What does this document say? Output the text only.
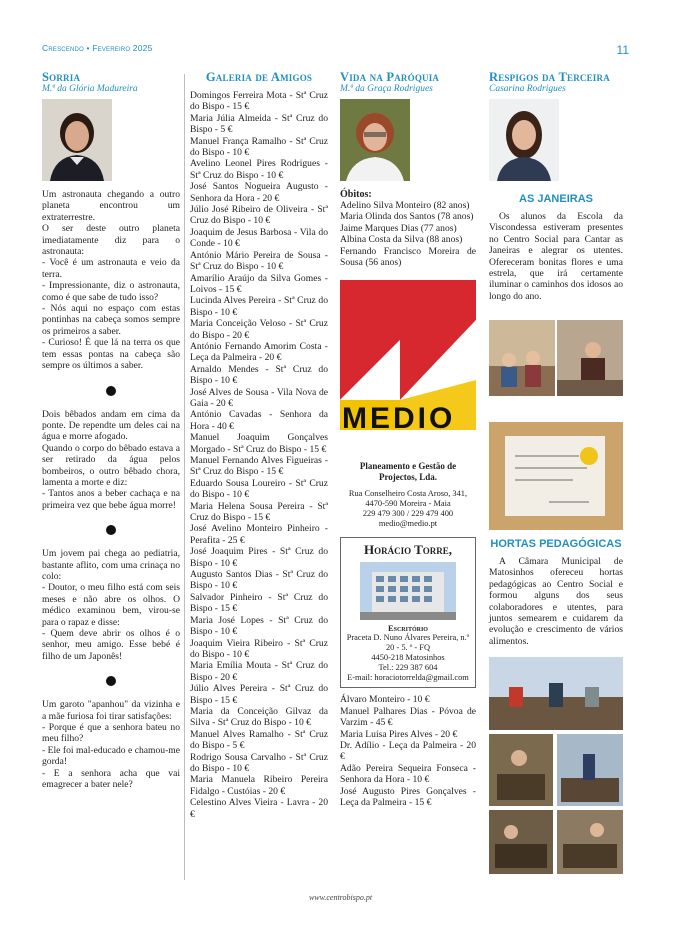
Crescendo • Fevereiro 2025	11
Sorria
M.ª da Glória Madureira
Um astronauta chegando a outro planeta encontrou um extraterrestre.
O ser deste outro planeta imediatamente diz para o astronauta:
- Você é um astronauta e veio da terra.
- Impressionante, diz o astronauta, como é que sabe de tudo isso?
- Nós aqui no espaço com estas pontinhas na cabeça somos sempre os primeiros a saber.
- Curioso! É que lá na terra os que tem essas pontas na cabeça são sempre os últimos a saber.
Dois bêbados andam em cima da ponte. De rependte um deles cai na água e morre afogado.
Quando o corpo do bêbado estava a ser retirado da água pelos bombeiros, o outro bêbado chora, lamenta a morte e diz:
- Tantos anos a beber cachaça e na primeira vez que bebe água morre!
Um jovem pai chega ao pediatria, bastante aflito, com uma crinaça no colo:
- Doutor, o meu filho está com seis meses e não abre os olhos. O médico examinou bem, virou-se para o rapaz e disse:
- Quem deve abrir os olhos é o senhor, meu amigo. Esse bebé é filho de um Japonês!
Um garoto "apanhou" da vizinha e a mãe furiosa foi tirar satisfações:
- Porque é que a senhora bateu no meu filho?
- Ele foi mal-educado e chamou-me gorda!
- E a senhora acha que vai emagrecer a bater nele?
Galeria de Amigos
Domingos Ferreira Mota - Stª Cruz do Bispo - 15 €
Maria Júlia Almeida - Stª Cruz do Bispo - 5 €
Manuel França Ramalho - Stª Cruz do Bispo - 10 €
Avelino Leonel Pires Rodrigues - Stª Cruz do Bispo - 10 €
José Santos Nogueira Augusto - Senhora da Hora - 20 €
Júlio José Ribeiro de Oliveira - Stª Cruz do Bispo - 10 €
Joaquim de Jesus Barbosa - Vila do Conde - 10 €
António Mário Pereira de Sousa - Stª Cruz do Bispo - 10 €
Amarílio Araújo da Silva Gomes - Loivos - 15 €
Lucinda Alves Pereira - Stª Cruz do Bispo - 10 €
Maria Conceição Veloso - Stª Cruz do Bispo - 20 €
António Fernando Amorim Costa - Leça da Palmeira - 20 €
Arnaldo Mendes - Stª Cruz do Bispo - 10 €
José Alves de Sousa - Vila Nova de Gaia - 20 €
António Cavadas - Senhora da Hora - 40 €
Manuel Joaquim Gonçalves Morgado - Stª Cruz do Bispo - 15 €
Manuel Fernando Alves Figueiras - Stª Cruz do Bispo - 15 €
Eduardo Sousa Loureiro - Stª Cruz do Bispo - 10 €
Maria Helena Sousa Pereira - Stª Cruz do Bispo - 15 €
José Avelino Monteiro Pinheiro - Perafita - 25 €
José Joaquim Pires - Stª Cruz do Bispo - 10 €
Augusto Santos Dias - Stª Cruz do Bispo - 10 €
Salvador Pinheiro - Stª Cruz do Bispo - 15 €
Maria José Lopes - Stª Cruz do Bispo - 10 €
Joaquim Vieira Ribeiro - Stª Cruz do Bispo - 10 €
Maria Emília Mouta - Stª Cruz do Bispo - 20 €
Júlio Alves Pereira - Stª Cruz do Bispo - 15 €
Maria da Conceição Gilvaz da Silva - Stª Cruz do Bispo - 10 €
Manuel Alves Ramalho - Stª Cruz do Bispo - 5 €
Rodrigo Sousa Carvalho - Stª Cruz do Bispo - 10 €
Maria Manuela Ribeiro Pereira Fidalgo - Custóias - 20 €
Celestino Alves Vieira - Lavra - 20 €
Vida na Paróquia
M.ª da Graça Rodrigues
Óbitos:
Adelino Silva Monteiro (82 anos)
Maria Olinda dos Santos (78 anos)
Jaime Marques Dias (77 anos)
Albina Costa da Silva (88 anos)
Fernando Francisco Moreira de Sousa (56 anos)
MEDIO
Planeamento e Gestão de Projectos, Lda.
Rua Conselheiro Costa Aroso, 341, 4470-590 Moreira - Maia
229 479 300 / 229 479 400
medio@medio.pt
Horácio Torre,
Escritório
Praceta D. Nuno Álvares Pereira, n.º 20 - 5. º - FQ
4450-218 Matosinhos
Tel.: 229 387 604
E-mail: horaciotorrelda@gmail.com
Álvaro Monteiro - 10 €
Manuel Palhares Dias - Póvoa de Varzim - 45 €
Maria Luísa Pires Alves - 20 €
Dr. Adílio - Leça da Palmeira - 20 €
Adão Pereira Sequeira Fonseca - Senhora da Hora - 10 €
José Augusto Pires Gonçalves - Leça da Palmeira - 15 €
Respigos da Terceira
Casarina Rodrigues
AS JANEIRAS

Os alunos da Escola da Viscondessa estiveram presentes no Centro Social para Cantar as Janeiras e alegrar os utentes. Ofereceram bonitas flores e uma estrela, que irá certamente iluminar o caminhos dos idosos ao longo do ano.

HORTAS PEDAGÓGICAS

A Câmara Municipal de Matosinhos ofereceu hortas pedagógicas ao Centro Social e formou alguns dos seus colaboradores e utentes, para juntos semearem e cuidarem da evolução e crescimento de vários alimentos.

www.centrobispo.pt
